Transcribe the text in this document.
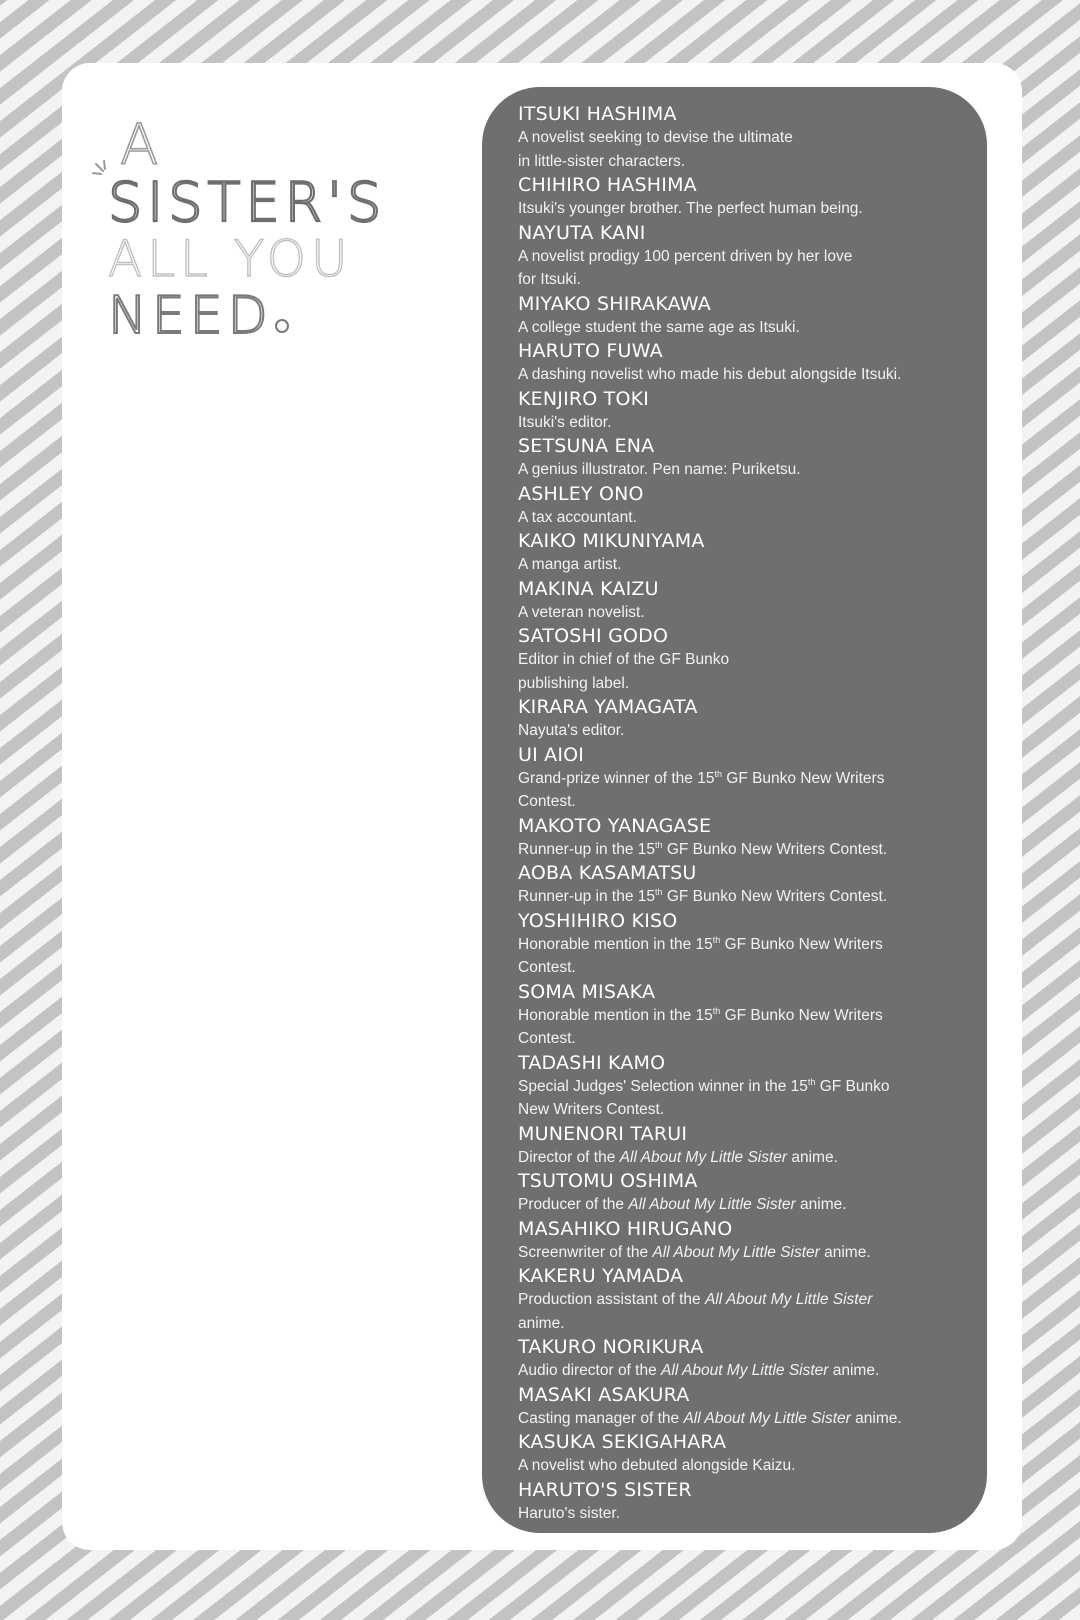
A
SISTER'S
ALL YOU
NEED
ITSUKI HASHIMA
A novelist seeking to devise the ultimate
in little-sister characters.
CHIHIRO HASHIMA
Itsuki's younger brother. The perfect human being.
NAYUTA KANI
A novelist prodigy 100 percent driven by her love
for Itsuki.
MIYAKO SHIRAKAWA
A college student the same age as Itsuki.
HARUTO FUWA
A dashing novelist who made his debut alongside Itsuki.
KENJIRO TOKI
Itsuki's editor.
SETSUNA ENA
A genius illustrator. Pen name: Puriketsu.
ASHLEY ONO
A tax accountant.
KAIKO MIKUNIYAMA
A manga artist.
MAKINA KAIZU
A veteran novelist.
SATOSHI GODO
Editor in chief of the GF Bunko
publishing label.
KIRARA YAMAGATA
Nayuta's editor.
UI AIOI
Grand-prize winner of the 15th GF Bunko New Writers
Contest.
MAKOTO YANAGASE
Runner-up in the 15th GF Bunko New Writers Contest.
AOBA KASAMATSU
Runner-up in the 15th GF Bunko New Writers Contest.
YOSHIHIRO KISO
Honorable mention in the 15th GF Bunko New Writers
Contest.
SOMA MISAKA
Honorable mention in the 15th GF Bunko New Writers
Contest.
TADASHI KAMO
Special Judges' Selection winner in the 15th GF Bunko
New Writers Contest.
MUNENORI TARUI
Director of the All About My Little Sister anime.
TSUTOMU OSHIMA
Producer of the All About My Little Sister anime.
MASAHIKO HIRUGANO
Screenwriter of the All About My Little Sister anime.
KAKERU YAMADA
Production assistant of the All About My Little Sister
anime.
TAKURO NORIKURA
Audio director of the All About My Little Sister anime.
MASAKI ASAKURA
Casting manager of the All About My Little Sister anime.
KASUKA SEKIGAHARA
A novelist who debuted alongside Kaizu.
HARUTO'S SISTER
Haruto's sister.
